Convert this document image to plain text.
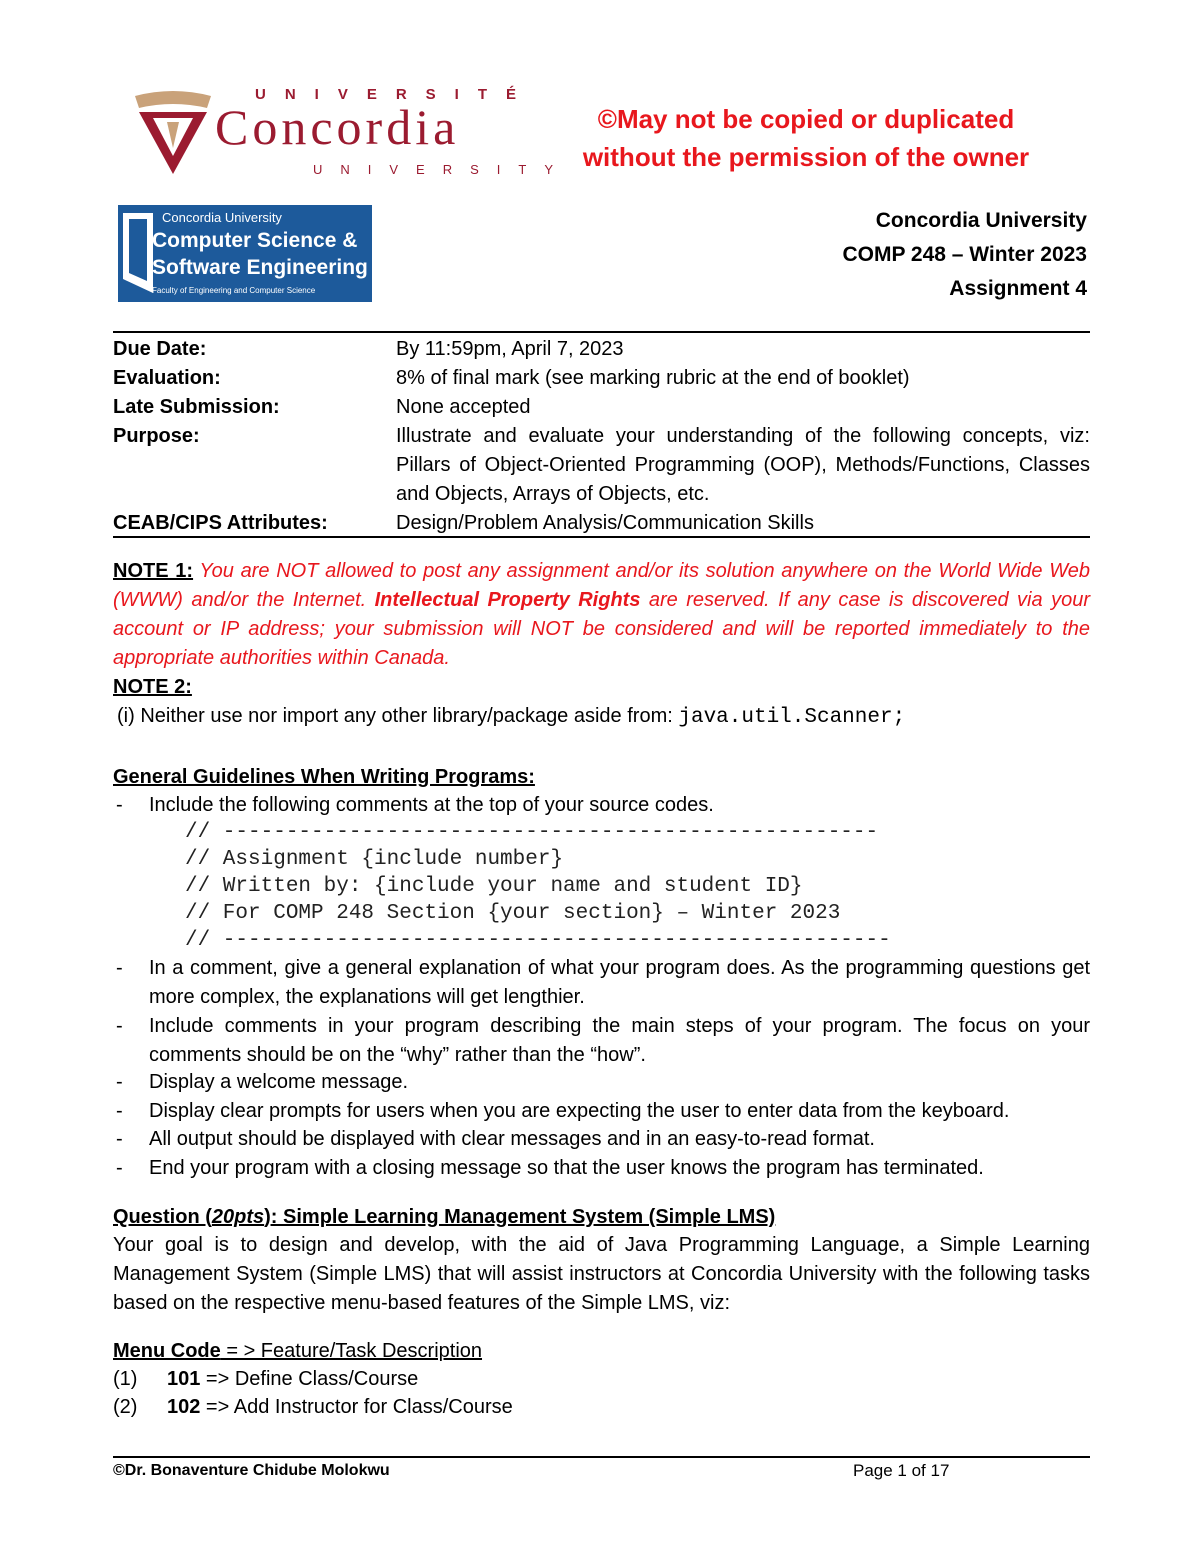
UNIVERSITÉ
Concordia
UNIVERSITY
©May not be copied or duplicated
without the permission of the owner
Concordia University
Computer Science &
Software Engineering
Faculty of Engineering and Computer Science
Concordia University
COMP 248 – Winter 2023
Assignment 4
Due Date:	By 11:59pm, April 7, 2023
Evaluation:	8% of final mark (see marking rubric at the end of booklet)
Late Submission:	None accepted
Purpose:	Illustrate and evaluate your understanding of the following concepts, viz: Pillars of Object-Oriented Programming (OOP), Methods/Functions, Classes and Objects, Arrays of Objects, etc.
CEAB/CIPS Attributes:	Design/Problem Analysis/Communication Skills
NOTE 1: You are NOT allowed to post any assignment and/or its solution anywhere on the World Wide Web (WWW) and/or the Internet. Intellectual Property Rights are reserved. If any case is discovered via your account or IP address; your submission will NOT be considered and will be reported immediately to the appropriate authorities within Canada.
NOTE 2:
(i) Neither use nor import any other library/package aside from: java.util.Scanner;
General Guidelines When Writing Programs:
- Include the following comments at the top of your source codes.
// ----------------------------------------------------
// Assignment {include number}
// Written by: {include your name and student ID}
// For COMP 248 Section {your section} – Winter 2023
// -----------------------------------------------------
- In a comment, give a general explanation of what your program does. As the programming questions get more complex, the explanations will get lengthier.
- Include comments in your program describing the main steps of your program. The focus on your comments should be on the “why” rather than the “how”.
- Display a welcome message.
- Display clear prompts for users when you are expecting the user to enter data from the keyboard.
- All output should be displayed with clear messages and in an easy-to-read format.
- End your program with a closing message so that the user knows the program has terminated.
Question (20pts): Simple Learning Management System (Simple LMS)
Your goal is to design and develop, with the aid of Java Programming Language, a Simple Learning Management System (Simple LMS) that will assist instructors at Concordia University with the following tasks based on the respective menu-based features of the Simple LMS, viz:
Menu Code = > Feature/Task Description
(1) 101 => Define Class/Course
(2) 102 => Add Instructor for Class/Course
©Dr. Bonaventure Chidube Molokwu	Page 1 of 17
